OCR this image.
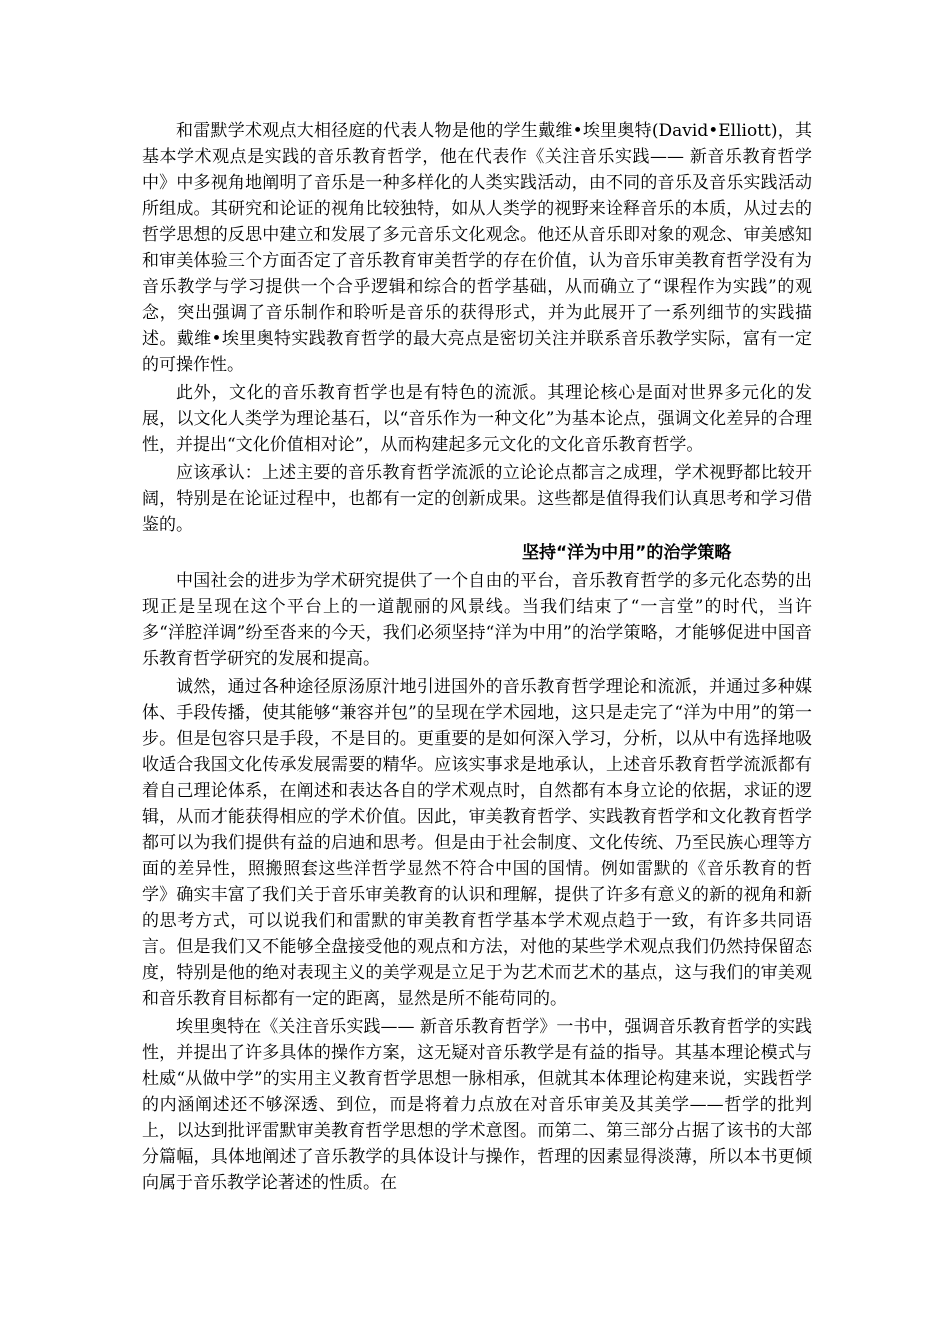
和雷默学术观点大相径庭的代表人物是他的学生戴维•埃里奥特(David•Elliott)，其基本学术观点是实践的音乐教育哲学，他在代表作《关注音乐实践—— 新音乐教育哲学中》中多视角地阐明了音乐是一种多样化的人类实践活动，由不同的音乐及音乐实践活动所组成。其研究和论证的视角比较独特，如从人类学的视野来诠释音乐的本质，从过去的哲学思想的反思中建立和发展了多元音乐文化观念。他还从音乐即对象的观念、审美感知和审美体验三个方面否定了音乐教育审美哲学的存在价值，认为音乐审美教育哲学没有为音乐教学与学习提供一个合乎逻辑和综合的哲学基础，从而确立了“课程作为实践”的观念，突出强调了音乐制作和聆听是音乐的获得形式，并为此展开了一系列细节的实践描述。戴维•埃里奥特实践教育哲学的最大亮点是密切关注并联系音乐教学实际，富有一定的可操作性。

此外，文化的音乐教育哲学也是有特色的流派。其理论核心是面对世界多元化的发展，以文化人类学为理论基石，以“音乐作为一种文化”为基本论点，强调文化差异的合理性，并提出“文化价值相对论”，从而构建起多元文化的文化音乐教育哲学。

应该承认：上述主要的音乐教育哲学流派的立论论点都言之成理，学术视野都比较开阔，特别是在论证过程中，也都有一定的创新成果。这些都是值得我们认真思考和学习借鉴的。

坚持“洋为中用”的治学策略

中国社会的进步为学术研究提供了一个自由的平台，音乐教育哲学的多元化态势的出现正是呈现在这个平台上的一道靓丽的风景线。当我们结束了“一言堂”的时代，当许多“洋腔洋调”纷至沓来的今天，我们必须坚持“洋为中用”的治学策略，才能够促进中国音乐教育哲学研究的发展和提高。

诚然，通过各种途径原汤原汁地引进国外的音乐教育哲学理论和流派，并通过多种媒体、手段传播，使其能够“兼容并包”的呈现在学术园地，这只是走完了“洋为中用”的第一步。但是包容只是手段，不是目的。更重要的是如何深入学习，分析，以从中有选择地吸收适合我国文化传承发展需要的精华。应该实事求是地承认，上述音乐教育哲学流派都有着自己理论体系，在阐述和表达各自的学术观点时，自然都有本身立论的依据，求证的逻辑，从而才能获得相应的学术价值。因此，审美教育哲学、实践教育哲学和文化教育哲学都可以为我们提供有益的启迪和思考。但是由于社会制度、文化传统、乃至民族心理等方面的差异性，照搬照套这些洋哲学显然不符合中国的国情。例如雷默的《音乐教育的哲学》确实丰富了我们关于音乐审美教育的认识和理解，提供了许多有意义的新的视角和新的思考方式，可以说我们和雷默的审美教育哲学基本学术观点趋于一致，有许多共同语言。但是我们又不能够全盘接受他的观点和方法，对他的某些学术观点我们仍然持保留态度，特别是他的绝对表现主义的美学观是立足于为艺术而艺术的基点，这与我们的审美观和音乐教育目标都有一定的距离，显然是所不能苟同的。

埃里奥特在《关注音乐实践—— 新音乐教育哲学》一书中，强调音乐教育哲学的实践性，并提出了许多具体的操作方案，这无疑对音乐教学是有益的指导。其基本理论模式与杜威“从做中学”的实用主义教育哲学思想一脉相承，但就其本体理论构建来说，实践哲学的内涵阐述还不够深透、到位，而是将着力点放在对音乐审美及其美学——哲学的批判上，以达到批评雷默审美教育哲学思想的学术意图。而第二、第三部分占据了该书的大部分篇幅，具体地阐述了音乐教学的具体设计与操作，哲理的因素显得淡薄，所以本书更倾向属于音乐教学论著述的性质。在
